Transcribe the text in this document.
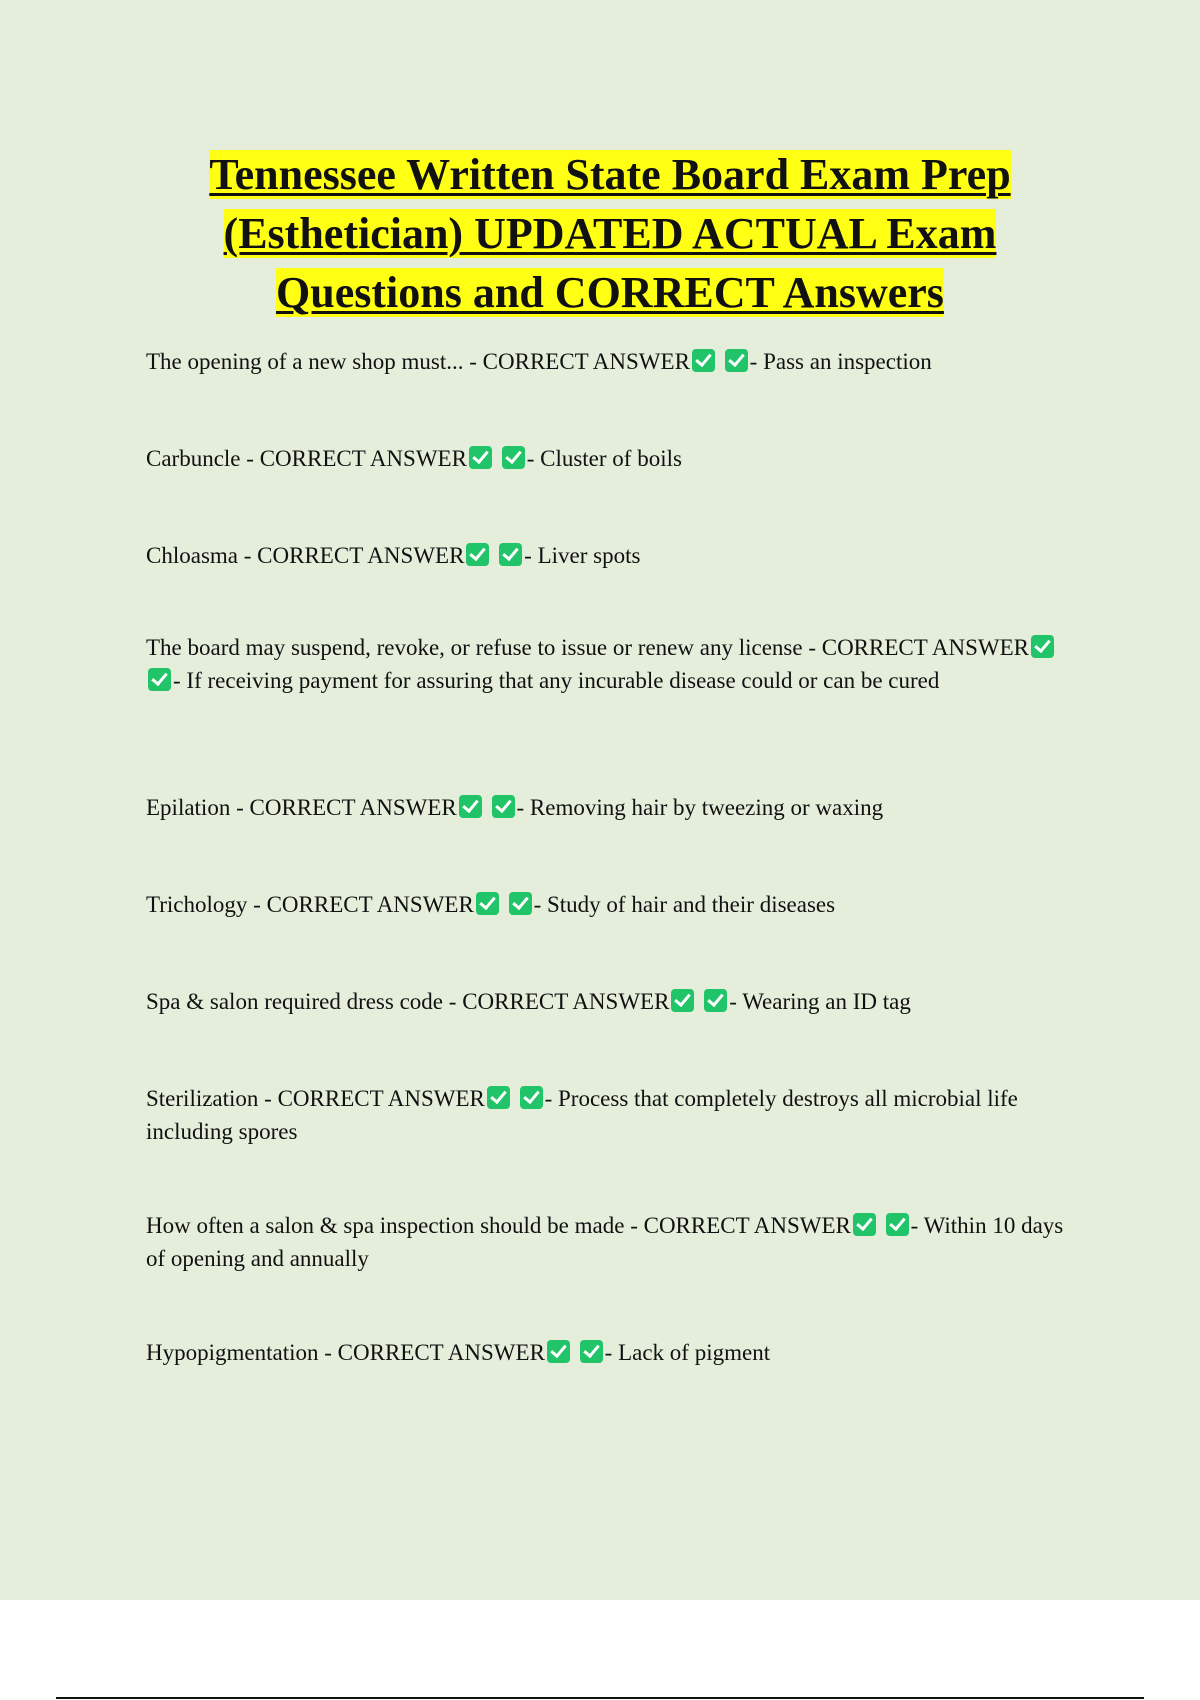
Tennessee Written State Board Exam Prep (Esthetician) UPDATED ACTUAL Exam Questions and CORRECT Answers

The opening of a new shop must... - CORRECT ANSWER	- Pass an inspection

Carbuncle - CORRECT ANSWER	- Cluster of boils

Chloasma - CORRECT ANSWER	- Liver spots

The board may suspend, revoke, or refuse to issue or renew any license - CORRECT ANSWER - If receiving payment for assuring that any incurable disease could or can be cured

Epilation - CORRECT ANSWER	- Removing hair by tweezing or waxing

Trichology - CORRECT ANSWER	- Study of hair and their diseases

Spa & salon required dress code - CORRECT ANSWER	- Wearing an ID tag

Sterilization - CORRECT ANSWER	- Process that completely destroys all microbial life including spores

How often a salon & spa inspection should be made - CORRECT ANSWER	- Within 10 days of opening and annually

Hypopigmentation - CORRECT ANSWER	- Lack of pigment
